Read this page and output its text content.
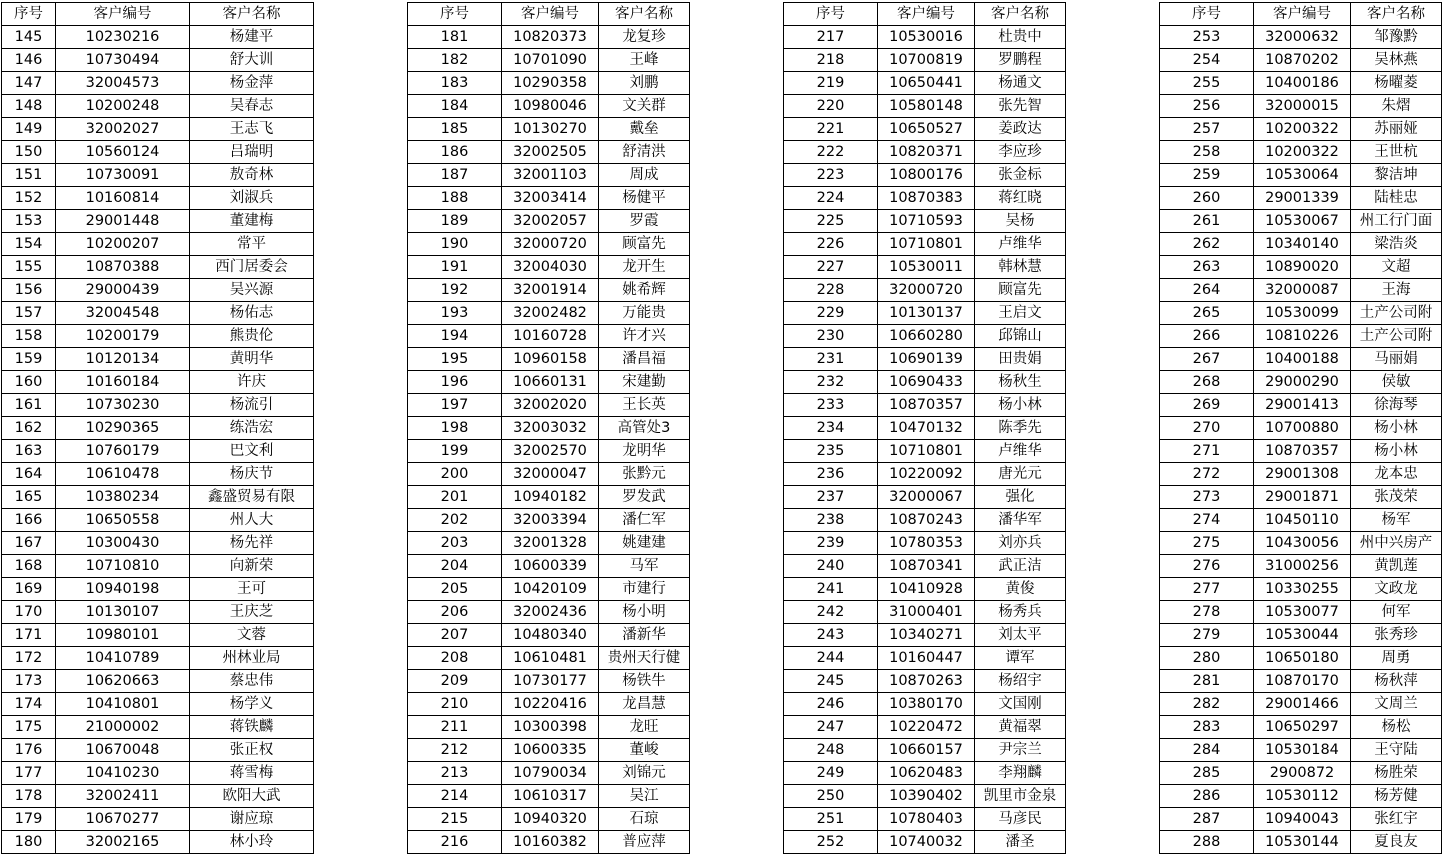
序号	客户编号	客户名称
145	10230216	杨建平
146	10730494	舒大训
147	32004573	杨金萍
148	10200248	吴春志
149	32002027	王志飞
150	10560124	吕瑞明
151	10730091	敖奇林
152	10160814	刘淑兵
153	29001448	董建梅
154	10200207	常平
155	10870388	西门居委会
156	29000439	吴兴源
157	32004548	杨佑志
158	10200179	熊贵伦
159	10120134	黄明华
160	10160184	许庆
161	10730230	杨流引
162	10290365	练浩宏
163	10760179	巴文利
164	10610478	杨庆节
165	10380234	鑫盛贸易有限
166	10650558	州人大
167	10300430	杨先祥
168	10710810	向新荣
169	10940198	王可
170	10130107	王庆芝
171	10980101	文蓉
172	10410789	州林业局
173	10620663	蔡忠伟
174	10410801	杨学义
175	21000002	蒋铁麟
176	10670048	张正权
177	10410230	蒋雪梅
178	32002411	欧阳大武
179	10670277	谢应琼
180	32002165	林小玲
序号	客户编号	客户名称
181	10820373	龙复珍
182	10701090	王峰
183	10290358	刘鹏
184	10980046	文关群
185	10130270	戴垒
186	32002505	舒清洪
187	32001103	周成
188	32003414	杨健平
189	32002057	罗霞
190	32000720	顾富先
191	32004030	龙开生
192	32001914	姚希辉
193	32002482	万能贵
194	10160728	许才兴
195	10960158	潘昌福
196	10660131	宋建勤
197	32002020	王长英
198	32003032	高管处3
199	32002570	龙明华
200	32000047	张黔元
201	10940182	罗发武
202	32003394	潘仁军
203	32001328	姚建建
204	10600339	马军
205	10420109	市建行
206	32002436	杨小明
207	10480340	潘新华
208	10610481	贵州天行健
209	10730177	杨铁牛
210	10220416	龙昌慧
211	10300398	龙旺
212	10600335	董峻
213	10790034	刘锦元
214	10610317	吴江
215	10940320	石琼
216	10160382	普应萍
序号	客户编号	客户名称
217	10530016	杜贵中
218	10700819	罗鹏程
219	10650441	杨通文
220	10580148	张先智
221	10650527	姜政达
222	10820371	李应珍
223	10800176	张金标
224	10870383	蒋红晓
225	10710593	吴杨
226	10710801	卢维华
227	10530011	韩林慧
228	32000720	顾富先
229	10130137	王启文
230	10660280	邱锦山
231	10690139	田贵娟
232	10690433	杨秋生
233	10870357	杨小林
234	10470132	陈季先
235	10710801	卢维华
236	10220092	唐光元
237	32000067	强化
238	10870243	潘华军
239	10780353	刘亦兵
240	10870341	武正洁
241	10410928	黄俊
242	31000401	杨秀兵
243	10340271	刘太平
244	10160447	谭军
245	10870263	杨绍宇
246	10380170	文国刚
247	10220472	黄福翠
248	10660157	尹宗兰
249	10620483	李翔麟
250	10390402	凯里市金泉
251	10780403	马彦民
252	10740032	潘圣
序号	客户编号	客户名称
253	32000632	邹豫黔
254	10870202	吴林燕
255	10400186	杨曜菱
256	32000015	朱熠
257	10200322	苏丽娅
258	10200322	王世杭
259	10530064	黎洁坤
260	29001339	陆桂忠
261	10530067	州工行门面
262	10340140	梁浩炎
263	10890020	文超
264	32000087	王海
265	10530099	土产公司附
266	10810226	土产公司附
267	10400188	马丽娟
268	29000290	侯敏
269	29001413	徐海琴
270	10700880	杨小林
271	10870357	杨小林
272	29001308	龙本忠
273	29001871	张茂荣
274	10450110	杨军
275	10430056	州中兴房产
276	31000256	黄凯莲
277	10330255	文政龙
278	10530077	何军
279	10530044	张秀珍
280	10650180	周勇
281	10870170	杨秋萍
282	29001466	文周兰
283	10650297	杨松
284	10530184	王守陆
285	2900872	杨胜荣
286	10530112	杨芳健
287	10940043	张红宇
288	10530144	夏良友
